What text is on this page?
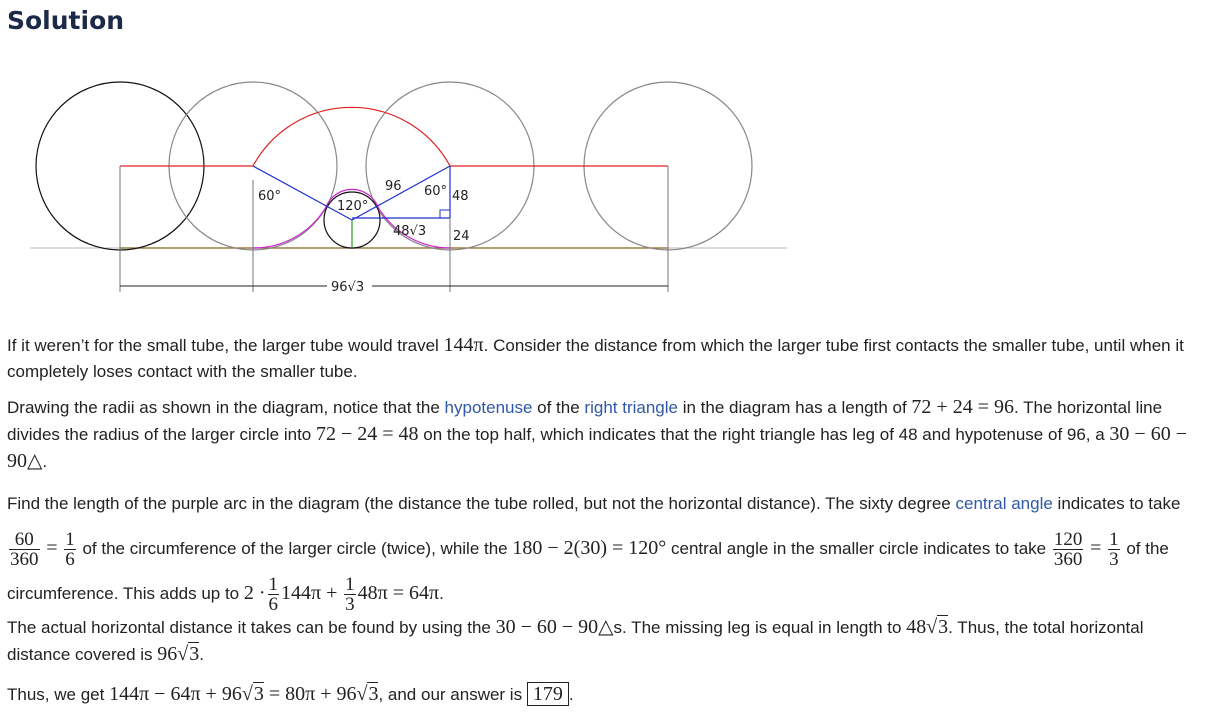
Solution
60°
120°
96 60° 48
48√3 24
96√3

If it weren’t for the small tube, the larger tube would travel 144π. Consider the distance from which the larger tube first contacts the smaller tube, until when it completely loses contact with the smaller tube.

Drawing the radii as shown in the diagram, notice that the hypotenuse of the right triangle in the diagram has a length of 72 + 24 = 96. The horizontal line divides the radius of the larger circle into 72 − 24 = 48 on the top half, which indicates that the right triangle has leg of 48 and hypotenuse of 96, a 30 − 60 − 90△.

Find the length of the purple arc in the diagram (the distance the tube rolled, but not the horizontal distance). The sixty degree central angle indicates to take
$\frac{60}{360} = \frac{1}{6}$ of the circumference of the larger circle (twice), while the 180 − 2(30) = 120° central angle in the smaller circle indicates to take $\frac{120}{360} = \frac{1}{3}$ of the circumference. This adds up to $2 \cdot \frac{1}{6} 144\pi + \frac{1}{3} 48\pi = 64\pi$.

The actual horizontal distance it takes can be found by using the 30 − 60 − 90△s. The missing leg is equal in length to 48√3. Thus, the total horizontal distance covered is 96√3.

Thus, we get 144π − 64π + 96√3 = 80π + 96√3, and our answer is 179 .
